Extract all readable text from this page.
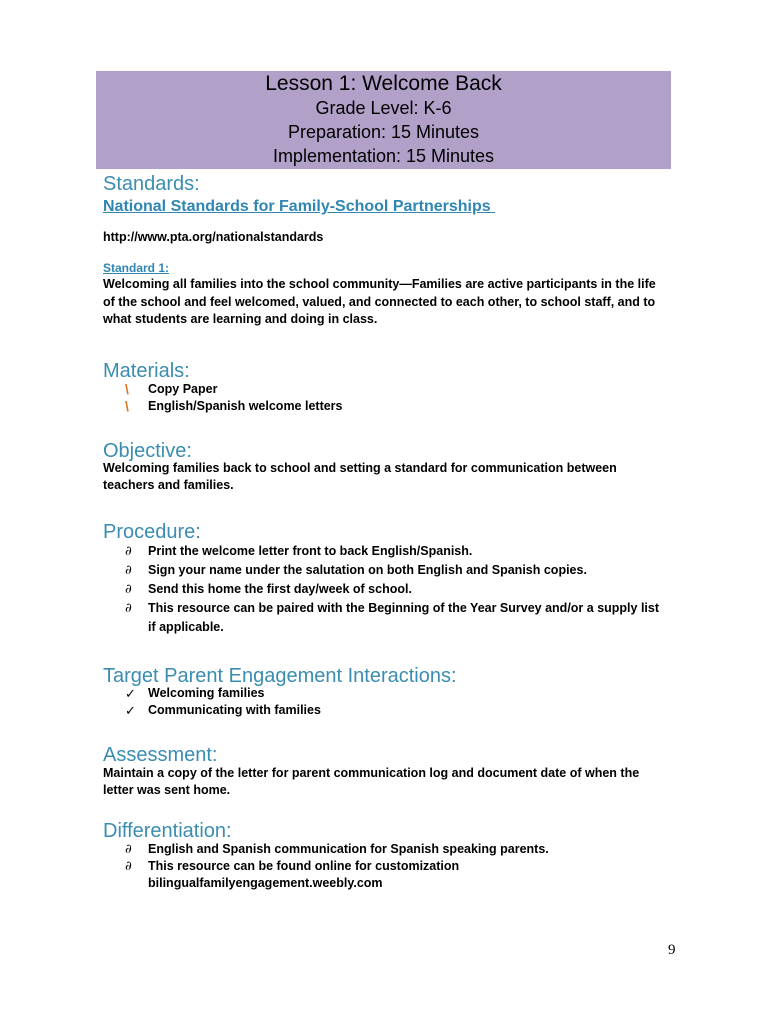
Lesson 1: Welcome Back
Grade Level: K-6
Preparation: 15 Minutes
Implementation: 15 Minutes
Standards:
National Standards for Family-School Partnerships
http://www.pta.org/nationalstandards
Standard 1:

Welcoming all families into the school community—Families are active participants in the life of the school and feel welcomed, valued, and connected to each other, to school staff, and to what students are learning and doing in class.

Materials:
\	Copy Paper
\	English/Spanish welcome letters
Objective:

Welcoming families back to school and setting a standard for communication between teachers and families.

Procedure:
∂	Print the welcome letter front to back English/Spanish.
∂	Sign your name under the salutation on both English and Spanish copies.
∂	Send this home the first day/week of school.
∂	This resource can be paired with the Beginning of the Year Survey and/or a supply list if applicable.
Target Parent Engagement Interactions:
✓ Welcoming families
✓ Communicating with families
Assessment:

Maintain a copy of the letter for parent communication log and document date of when the letter was sent home.

Differentiation:
∂	English and Spanish communication for Spanish speaking parents.
∂	This resource can be found online for customization bilingualfamilyengagement.weebly.com
9
